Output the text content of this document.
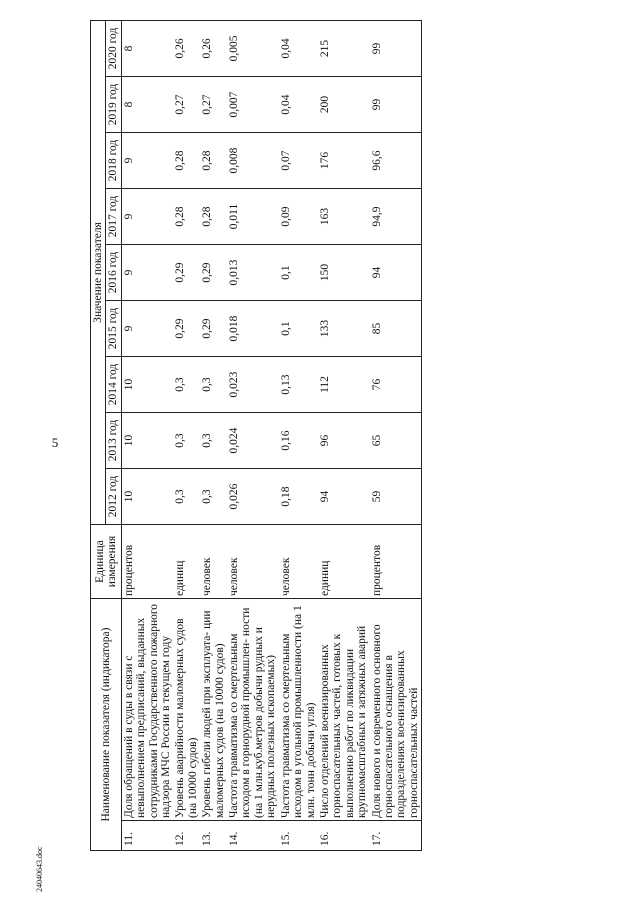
5
24040643.doc
Наименование показателя (индикатора)		Единица измерения	Значение показателя								
			2012 год	2013 год	2014 год	2015 год	2016 год	2017 год	2018 год	2019 год	2020 год
11.	Доля обращений в суды в связи с невыполнением предписаний, выданных сотрудниками Государственного пожарного надзора МЧС России в текущем году	процентов	10	10	10	9	9	9	9	8	8
12.	Уровень аварийности маломерных судов (на 10000 судов)	единиц	0,3	0,3	0,3	0,29	0,29	0,28	0,28	0,27	0,26
13.	Уровень гибели людей при эксплуата- ции маломерных судов (на 10000 судов)	человек	0,3	0,3	0,3	0,29	0,29	0,28	0,28	0,27	0,26
14.	Частота травматизма со смертельным исходом в горнорудной промышлен- ности (на 1 млн.куб.метров добычи рудных и нерудных полезных ископаемых)	человек	0,026	0,024	0,023	0,018	0,013	0,011	0,008	0,007	0,005
15.	Частота травматизма со смертельным исходом в угольной промышленности (на 1 млн. тонн добычи угля)	человек	0,18	0,16	0,13	0,1	0,1	0,09	0,07	0,04	0,04
16.	Число отделений военизированных горноспасательных частей, готовых к выполнению работ по ликвидации крупномасштабных и затяжных аварий	единиц	94	96	112	133	150	163	176	200	215
17.	Доля нового и современного основного горноспасательного оснащения в подразделениях военизированных горноспасательных частей	процентов	59	65	76	85	94	94,9	96,6	99	99
